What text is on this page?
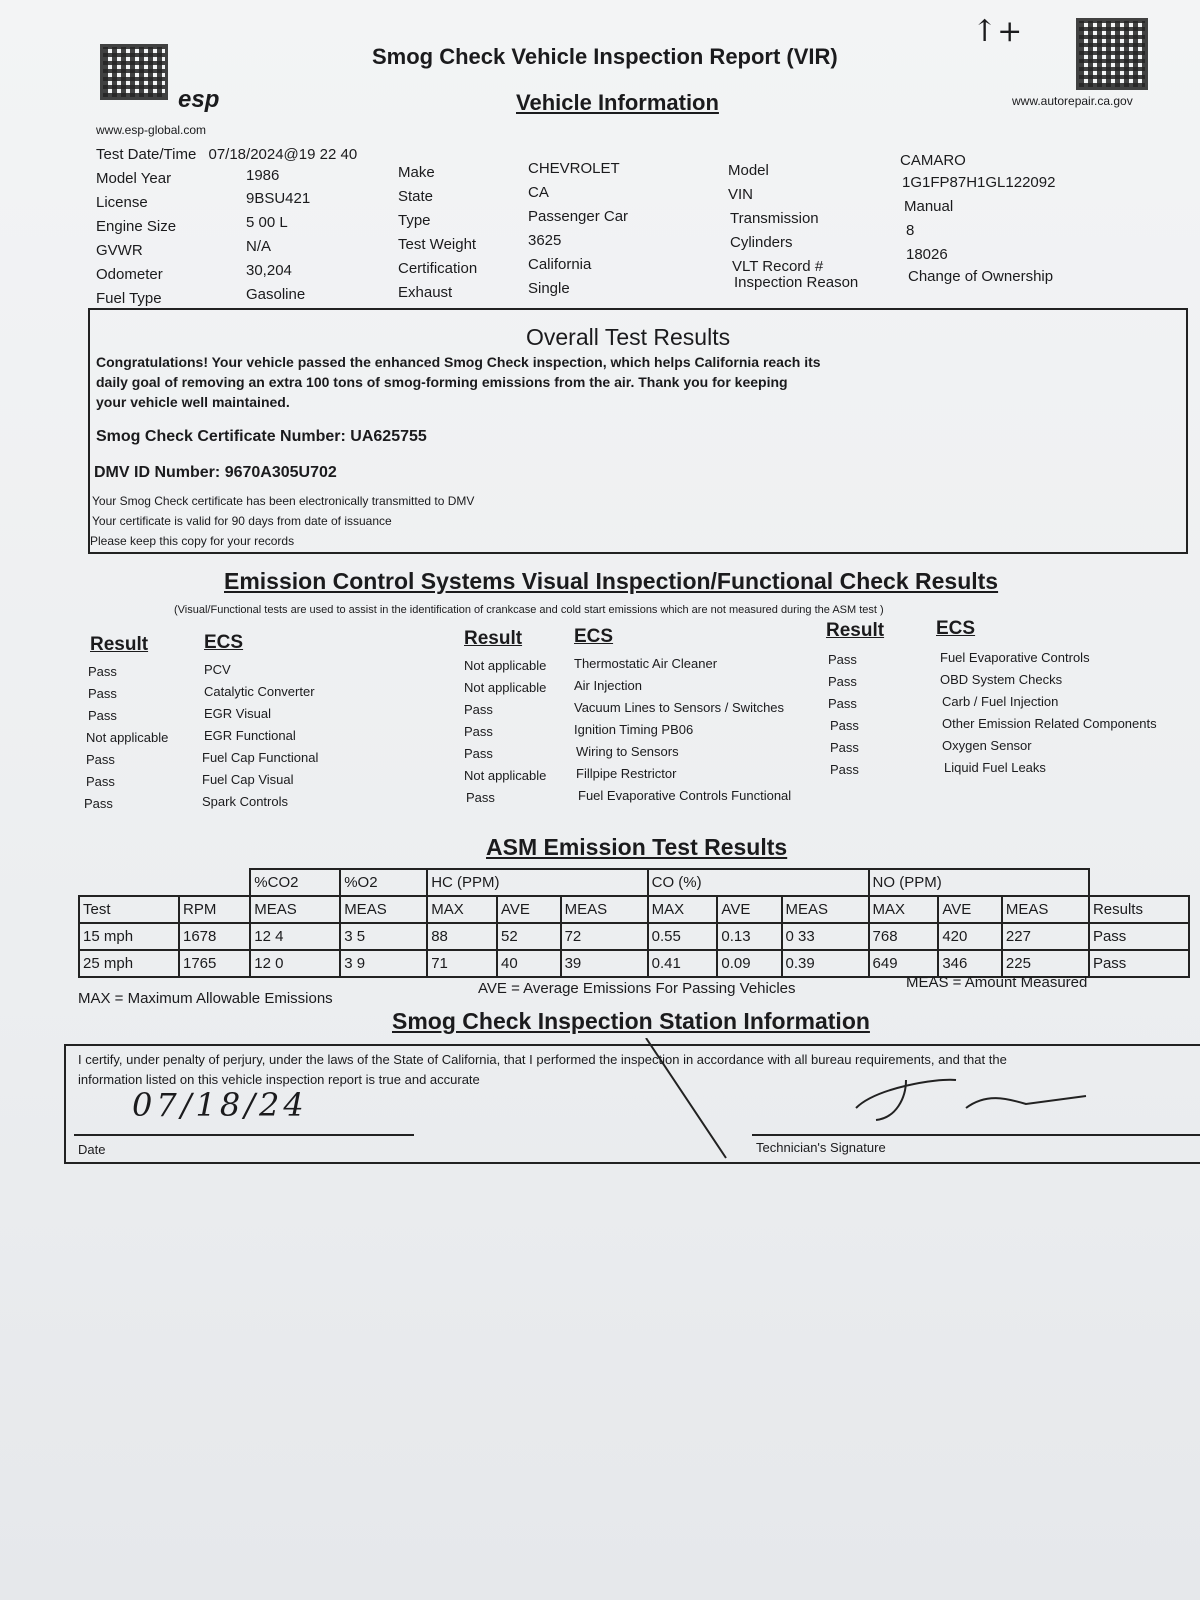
esp
www.esp-global.com
Smog Check Vehicle Inspection Report (VIR)
Vehicle Information
↑+
www.autorepair.ca.gov
Test Date/Time 07/18/2024@19 22 40
Model Year	1986
License	9BSU421
Engine Size	5 00 L
GVWR	N/A
Odometer	30,204
Fuel Type	Gasoline
Make	CHEVROLET
State	CA
Type	Passenger Car
Test Weight	3625
Certification	California
Exhaust	Single
Model
CAMARO
VIN
1G1FP87H1GL122092
Transmission
Manual
Cylinders
8
VLT Record #
18026
Inspection Reason	Change of Ownership
Overall Test Results
Congratulations! Your vehicle passed the enhanced Smog Check inspection, which helps California reach its
daily goal of removing an extra 100 tons of smog-forming emissions from the air. Thank you for keeping
your vehicle well maintained.
Smog Check Certificate Number: UA625755
DMV ID Number: 9670A305U702
Your Smog Check certificate has been electronically transmitted to DMV
Your certificate is valid for 90 days from date of issuance
Please keep this copy for your records
Emission Control Systems Visual Inspection/Functional Check Results
(Visual/Functional tests are used to assist in the identification of crankcase and cold start emissions which are not measured during the ASM test )
Result	ECS	Result	ECS	Result	ECS
Pass	PCV
Pass	Catalytic Converter
Pass	EGR Visual
Not applicable	EGR Functional
Pass	Fuel Cap Functional
Pass	Fuel Cap Visual
Pass	Spark Controls
Not applicable Thermostatic Air Cleaner
Not applicable Air Injection
Pass	Vacuum Lines to Sensors / Switches
Pass	Ignition Timing PB06
Pass	Wiring to Sensors
Not applicable Fillpipe Restrictor
Pass	Fuel Evaporative Controls Functional
Pass	Fuel Evaporative Controls
Pass	OBD System Checks
Pass	Carb / Fuel Injection
Pass	Other Emission Related Components
Pass	Oxygen Sensor
Pass	Liquid Fuel Leaks
ASM Emission Test Results
		%CO2	%O2	HC (PPM)			CO (%)			NO (PPM)			
Test	RPM	MEAS	MEAS	MAX	AVE	MEAS	MAX	AVE	MEAS	MAX	AVE	MEAS	Results
15 mph	1678	12 4	3 5	88	52	72	0.55	0.13	0 33	768	420	227	Pass
25 mph	1765	12 0	3 9	71	40	39	0.41	0.09	0.39	649	346	225	Pass
MAX = Maximum Allowable Emissions
AVE = Average Emissions For Passing Vehicles	MEAS = Amount Measured
Smog Check Inspection Station Information
I certify, under penalty of perjury, under the laws of the State of California, that I performed the inspection in accordance with all bureau requirements, and that the
information listed on this vehicle inspection report is true and accurate
07/18/24
Date	Technician's Signature
